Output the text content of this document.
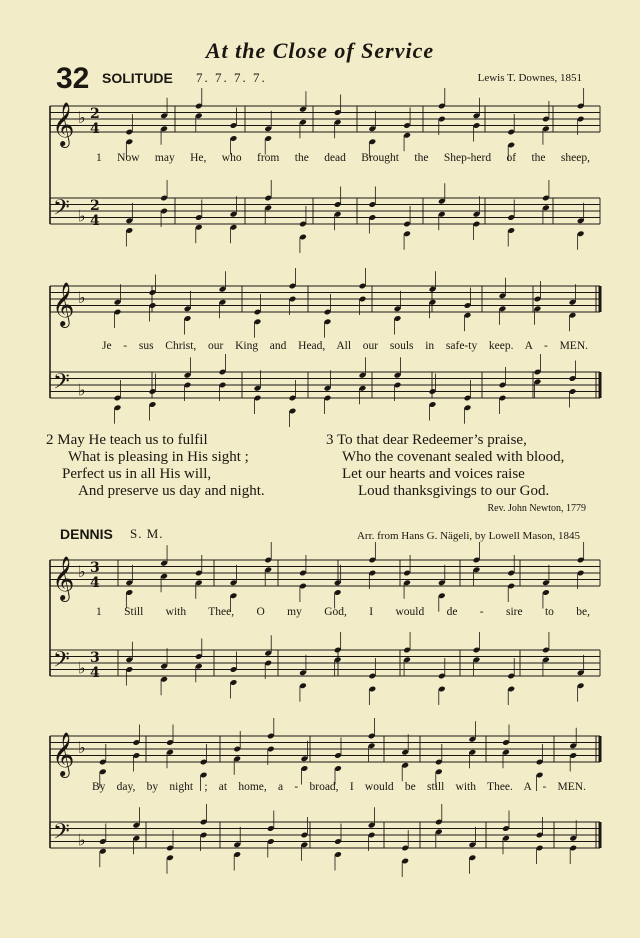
At the Close of Service
32 SOLITUDE 7. 7. 7. 7.	Lewis T. Downes, 1851
𝄞 ♭ 2
4
𝄢 ♭
2
4
𝄞 ♭
𝄢 ♭
𝄞 ♭ 3
4
𝄢 ♭
3
4
𝄞 ♭
𝄢 ♭
1 Now may He, who from the dead Brought the Shep-herd of the sheep,
Je - sus Christ, our King and Head, All our souls in safe-ty keep. A - MEN.
2 May He teach us to fulfil
What is pleasing in His sight ;
Perfect us in all His will,
And preserve us day and night.
3 To that dear Redeemer’s praise,
Who the covenant sealed with blood,
Let our hearts and voices raise
Loud thanksgivings to our God.
Rev. John Newton, 1779
DENNIS S. M.	Arr. from Hans G. Nägeli, by Lowell Mason, 1845
1 Still with Thee, O my God, I would de - sire to be,
By day, by night ; at home, a - broad, I would be still with Thee. A - MEN.
